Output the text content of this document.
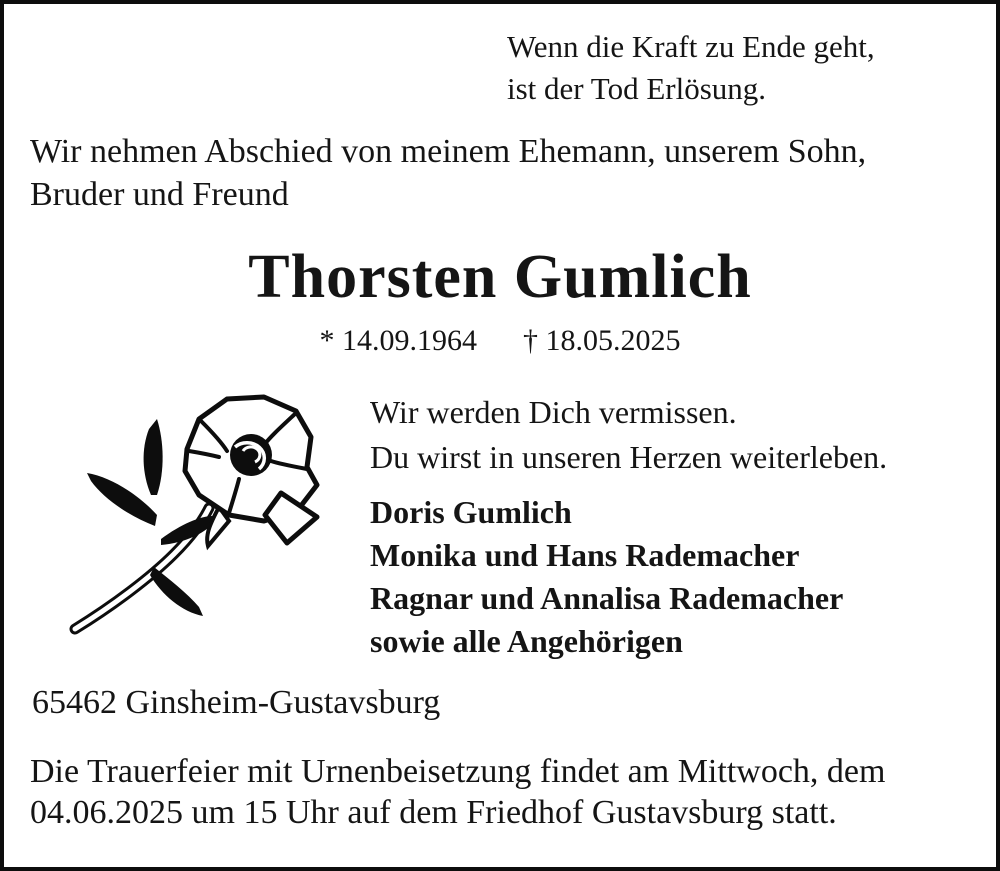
Wenn die Kraft zu Ende geht,
ist der Tod Erlösung.
Wir nehmen Abschied von meinem Ehemann, unserem Sohn,
Bruder und Freund
Thorsten Gumlich
* 14.09.1964 † 18.05.2025
Wir werden Dich vermissen.
Du wirst in unseren Herzen weiterleben.
Doris Gumlich
Monika und Hans Rademacher
Ragnar und Annalisa Rademacher
sowie alle Angehörigen
65462 Ginsheim-Gustavsburg
Die Trauerfeier mit Urnenbeisetzung findet am Mittwoch, dem
04.06.2025 um 15 Uhr auf dem Friedhof Gustavsburg statt.
